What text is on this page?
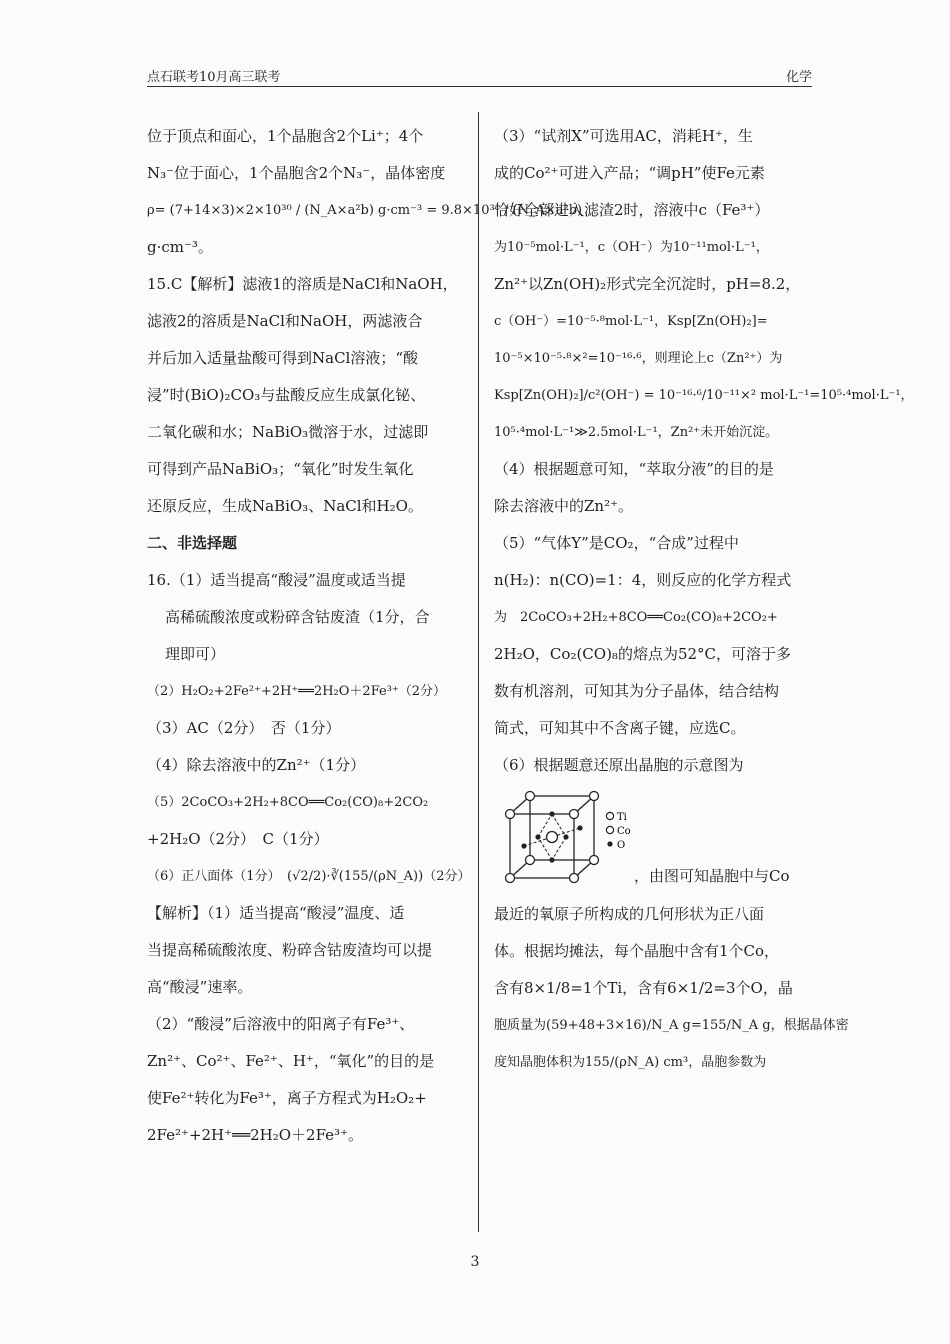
点石联考10月高三联考	化学
位于顶点和面心，1个晶胞含2个Li⁺；4个
N₃⁻位于面心，1个晶胞含2个N₃⁻，晶体密度
ρ= (7+14×3)×2×10³⁰ / (N_A×a²b) g·cm⁻³ = 9.8×10³¹ / (N_A×a²b)
g·cm⁻³。
15.C【解析】滤液1的溶质是NaCl和NaOH，
滤液2的溶质是NaCl和NaOH，两滤液合
并后加入适量盐酸可得到NaCl溶液；“酸
浸”时(BiO)₂CO₃与盐酸反应生成氯化铋、
二氧化碳和水；NaBiO₃微溶于水，过滤即
可得到产品NaBiO₃；“氧化”时发生氧化
还原反应，生成NaBiO₃、NaCl和H₂O。
二、非选择题
16.（1）适当提高“酸浸”温度或适当提
高稀硫酸浓度或粉碎含钴废渣（1分，合
理即可）
（2）H₂O₂+2Fe²⁺+2H⁺══2H₂O＋2Fe³⁺（2分）
（3）AC（2分）　否（1分）
（4）除去溶液中的Zn²⁺（1分）
（5）2CoCO₃+2H₂+8CO══Co₂(CO)₈+2CO₂
+2H₂O（2分）　C（1分）
（6）正八面体（1分）　(√2/2)·∛(155/(ρN_A))（2分）
【解析】（1）适当提高“酸浸”温度、适
当提高稀硫酸浓度、粉碎含钴废渣均可以提
高“酸浸”速率。
（2）“酸浸”后溶液中的阳离子有Fe³⁺、
Zn²⁺、Co²⁺、Fe²⁺、H⁺，“氧化”的目的是
使Fe²⁺转化为Fe³⁺，离子方程式为H₂O₂+
2Fe²⁺+2H⁺══2H₂O＋2Fe³⁺。
（3）“试剂X”可选用AC，消耗H⁺，生
成的Co²⁺可进入产品；“调pH”使Fe元素
恰好全部进入滤渣2时，溶液中c（Fe³⁺）
为10⁻⁵mol·L⁻¹，c（OH⁻）为10⁻¹¹mol·L⁻¹，
Zn²⁺以Zn(OH)₂形式完全沉淀时，pH=8.2，
c（OH⁻）=10⁻⁵·⁸mol·L⁻¹，Ksp[Zn(OH)₂]=
10⁻⁵×10⁻⁵·⁸×²=10⁻¹⁶·⁶，则理论上c（Zn²⁺）为
Ksp[Zn(OH)₂]/c²(OH⁻) = 10⁻¹⁶·⁶/10⁻¹¹×² mol·L⁻¹=10⁵·⁴mol·L⁻¹，
10⁵·⁴mol·L⁻¹≫2.5mol·L⁻¹，Zn²⁺未开始沉淀。
（4）根据题意可知，“萃取分液”的目的是
除去溶液中的Zn²⁺。
（5）“气体Y”是CO₂，“合成”过程中
n(H₂)：n(CO)=1：4，则反应的化学方程式
为　2CoCO₃+2H₂+8CO══Co₂(CO)₈+2CO₂+
2H₂O，Co₂(CO)₈的熔点为52°C，可溶于多
数有机溶剂，可知其为分子晶体，结合结构
简式，可知其中不含离子键，应选C。
（6）根据题意还原出晶胞的示意图为
Ti
Co
O
，由图可知晶胞中与Co
最近的氧原子所构成的几何形状为正八面
体。根据均摊法，每个晶胞中含有1个Co，
含有8×1/8=1个Ti，含有6×1/2=3个O，晶
胞质量为(59+48+3×16)/N_A g=155/N_A g，根据晶体密
度知晶胞体积为155/(ρN_A) cm³，晶胞参数为
3
